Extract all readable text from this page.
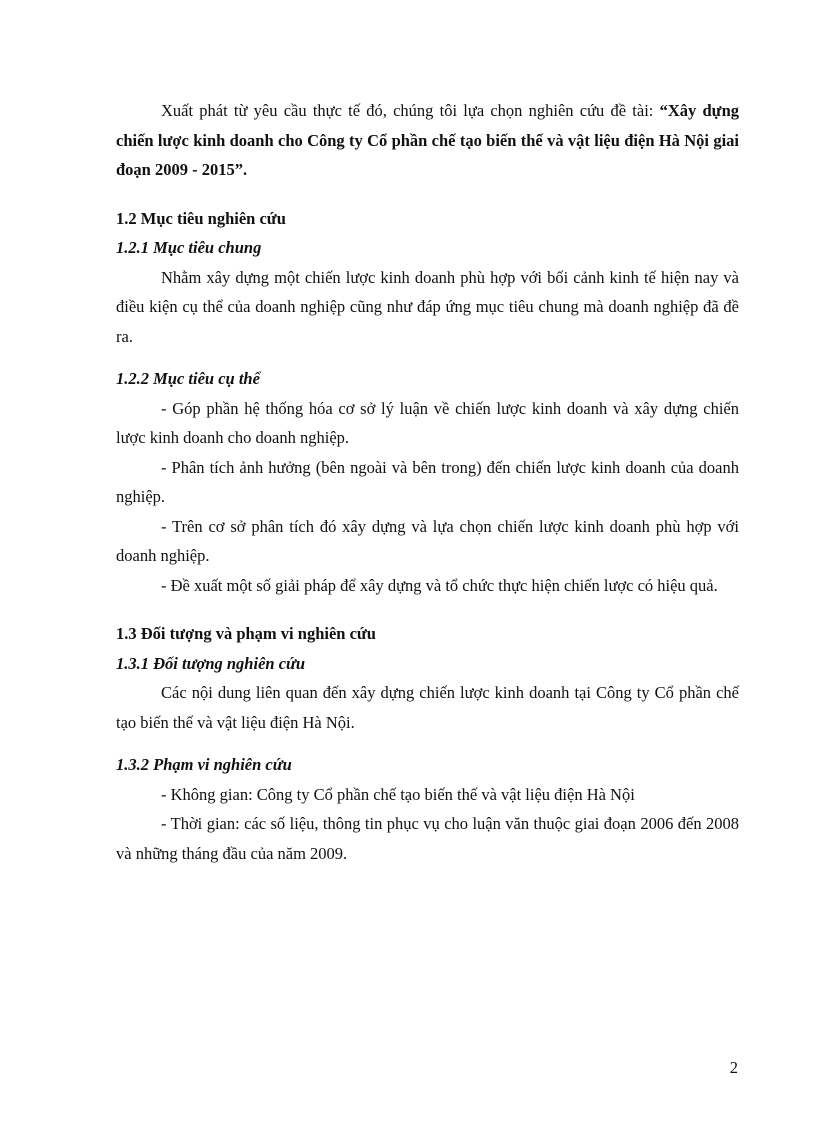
Xuất phát từ yêu cầu thực tế đó, chúng tôi lựa chọn nghiên cứu đề tài: “Xây dựng chiến lược kinh doanh cho Công ty Cổ phần chế tạo biến thế và vật liệu điện Hà Nội giai đoạn 2009 - 2015”.

1.2 Mục tiêu nghiên cứu
1.2.1 Mục tiêu chung

Nhằm xây dựng một chiến lược kinh doanh phù hợp với bối cảnh kinh tế hiện nay và điều kiện cụ thể của doanh nghiệp cũng như đáp ứng mục tiêu chung mà doanh nghiệp đã đề ra.

1.2.2 Mục tiêu cụ thể

- Góp phần hệ thống hóa cơ sở lý luận về chiến lược kinh doanh và xây dựng chiến lược kinh doanh cho doanh nghiệp.

- Phân tích ảnh hưởng (bên ngoài và bên trong) đến chiến lược kinh doanh của doanh nghiệp.

- Trên cơ sở phân tích đó xây dựng và lựa chọn chiến lược kinh doanh phù hợp với doanh nghiệp.

- Đề xuất một số giải pháp để xây dựng và tổ chức thực hiện chiến lược có hiệu quả.

1.3 Đối tượng và phạm vi nghiên cứu
1.3.1 Đối tượng nghiên cứu

Các nội dung liên quan đến xây dựng chiến lược kinh doanh tại Công ty Cổ phần chế tạo biến thế và vật liệu điện Hà Nội.

1.3.2 Phạm vi nghiên cứu

- Không gian: Công ty Cổ phần chế tạo biến thế và vật liệu điện Hà Nội

- Thời gian: các số liệu, thông tin phục vụ cho luận văn thuộc giai đoạn 2006 đến 2008 và những tháng đầu của năm 2009.

2
